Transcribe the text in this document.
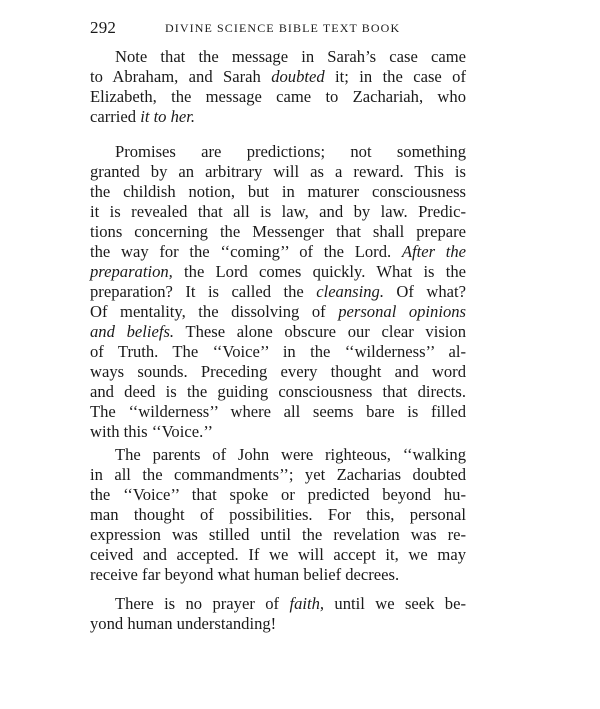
292	DIVINE SCIENCE BIBLE TEXT BOOK
Note that the message in Sarah’s case came
to Abraham, and Sarah doubted it; in the case of
Elizabeth, the message came to Zachariah, who
carried it to her.
Promises are predictions; not something
granted by an arbitrary will as a reward. This is
the childish notion, but in maturer consciousness
it is revealed that all is law, and by law. Predic-
tions concerning the Messenger that shall prepare
the way for the ‘‘coming’’ of the Lord. After the
preparation, the Lord comes quickly. What is the
preparation? It is called the cleansing. Of what?
Of mentality, the dissolving of personal opinions
and beliefs. These alone obscure our clear vision
of Truth. The ‘‘Voice’’ in the ‘‘wilderness’’ al-
ways sounds. Preceding every thought and word
and deed is the guiding consciousness that directs.
The ‘‘wilderness’’ where all seems bare is filled
with this ‘‘Voice.’’
The parents of John were righteous, ‘‘walking
in all the commandments’’; yet Zacharias doubted
the ‘‘Voice’’ that spoke or predicted beyond hu-
man thought of possibilities. For this, personal
expression was stilled until the revelation was re-
ceived and accepted. If we will accept it, we may
receive far beyond what human belief decrees.
There is no prayer of faith, until we seek be-
yond human understanding!
